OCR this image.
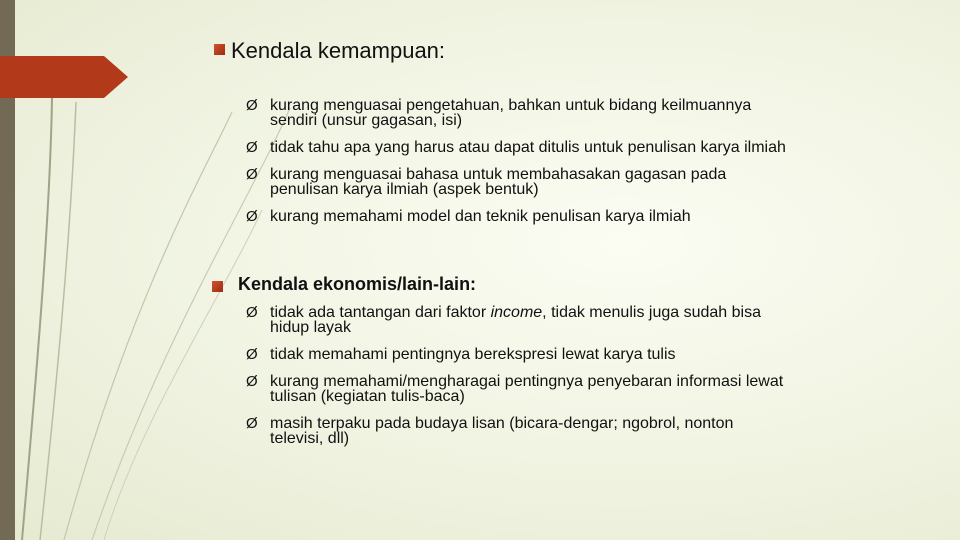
Kendala kemampuan:
Ø kurang menguasai pengetahuan, bahkan untuk bidang keilmuannya sendiri (unsur gagasan, isi)
Ø tidak tahu apa yang harus atau dapat ditulis untuk penulisan karya ilmiah
Ø kurang menguasai bahasa untuk membahasakan gagasan pada penulisan karya ilmiah (aspek bentuk)
Ø kurang memahami model dan teknik penulisan karya ilmiah
Kendala ekonomis/lain-lain:
Ø tidak ada tantangan dari faktor income, tidak menulis juga sudah bisa hidup layak
Ø tidak memahami pentingnya berekspresi lewat karya tulis
Ø kurang memahami/mengharagai pentingnya penyebaran informasi lewat tulisan (kegiatan tulis-baca)
Ø masih terpaku pada budaya lisan (bicara-dengar; ngobrol, nonton televisi, dll)
